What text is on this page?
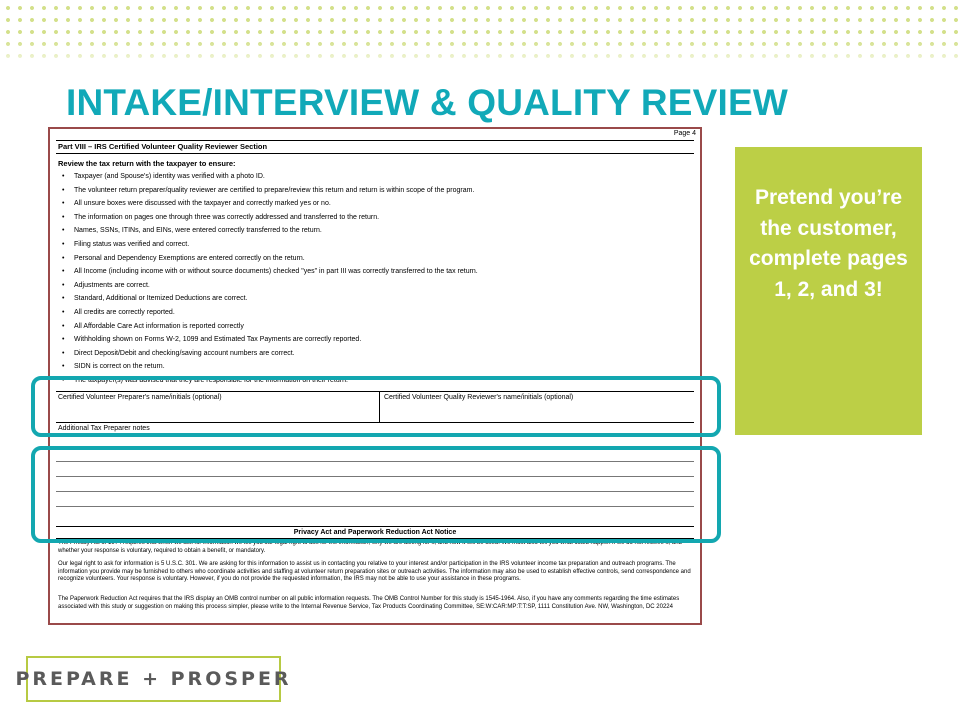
INTAKE/INTERVIEW & QUALITY REVIEW
Page 4
Part VIII – IRS Certified Volunteer Quality Reviewer Section
Review the tax return with the taxpayer to ensure:
• Taxpayer (and Spouse's) identity was verified with a photo ID.
• The volunteer return preparer/quality reviewer are certified to prepare/review this return and return is within scope of the program.
• All unsure boxes were discussed with the taxpayer and correctly marked yes or no.
• The information on pages one through three was correctly addressed and transferred to the return.
• Names, SSNs, ITINs, and EINs, were entered correctly transferred to the return.
• Filing status was verified and correct.
• Personal and Dependency Exemptions are entered correctly on the return.
• All Income (including income with or without source documents) checked "yes" in part III was correctly transferred to the tax return.
• Adjustments are correct.
• Standard, Additional or Itemized Deductions are correct.
• All credits are correctly reported.
• All Affordable Care Act information is reported correctly
• Withholding shown on Forms W-2, 1099 and Estimated Tax Payments are correctly reported.
• Direct Deposit/Debit and checking/saving account numbers are correct.
• SIDN is correct on the return.
• The taxpayer(s) was advised that they are responsible for the information on their return.
Certified Volunteer Preparer's name/initials (optional)	Certified Volunteer Quality Reviewer's name/initials (optional)
Additional Tax Preparer notes
Privacy Act and Paperwork Reduction Act Notice
The Privacy Act of 1974 requires that when we ask for information we tell you our legal right to ask for the information, why we are asking for it, and how it will be used. We must also tell you what could happen if we do not receive it, and whether your response is voluntary, required to obtain a benefit, or mandatory.
Our legal right to ask for information is 5 U.S.C. 301. We are asking for this information to assist us in contacting you relative to your interest and/or participation in the IRS volunteer income tax preparation and outreach programs. The information you provide may be furnished to others who coordinate activities and staffing at volunteer return preparation sites or outreach activities. The information may also be used to establish effective controls, send correspondence and recognize volunteers. Your response is voluntary. However, if you do not provide the requested information, the IRS may not be able to use your assistance in these programs.
The Paperwork Reduction Act requires that the IRS display an OMB control number on all public information requests. The OMB Control Number for this study is 1545-1964. Also, if you have any comments regarding the time estimates associated with this study or suggestion on making this process simpler, please write to the Internal Revenue Service, Tax Products Coordinating Committee, SE:W:CAR:MP:T:T:SP, 1111 Constitution Ave. NW, Washington, DC 20224
Pretend you’re the customer, complete pages 1, 2, and 3!
PREPARE + PROSPER
